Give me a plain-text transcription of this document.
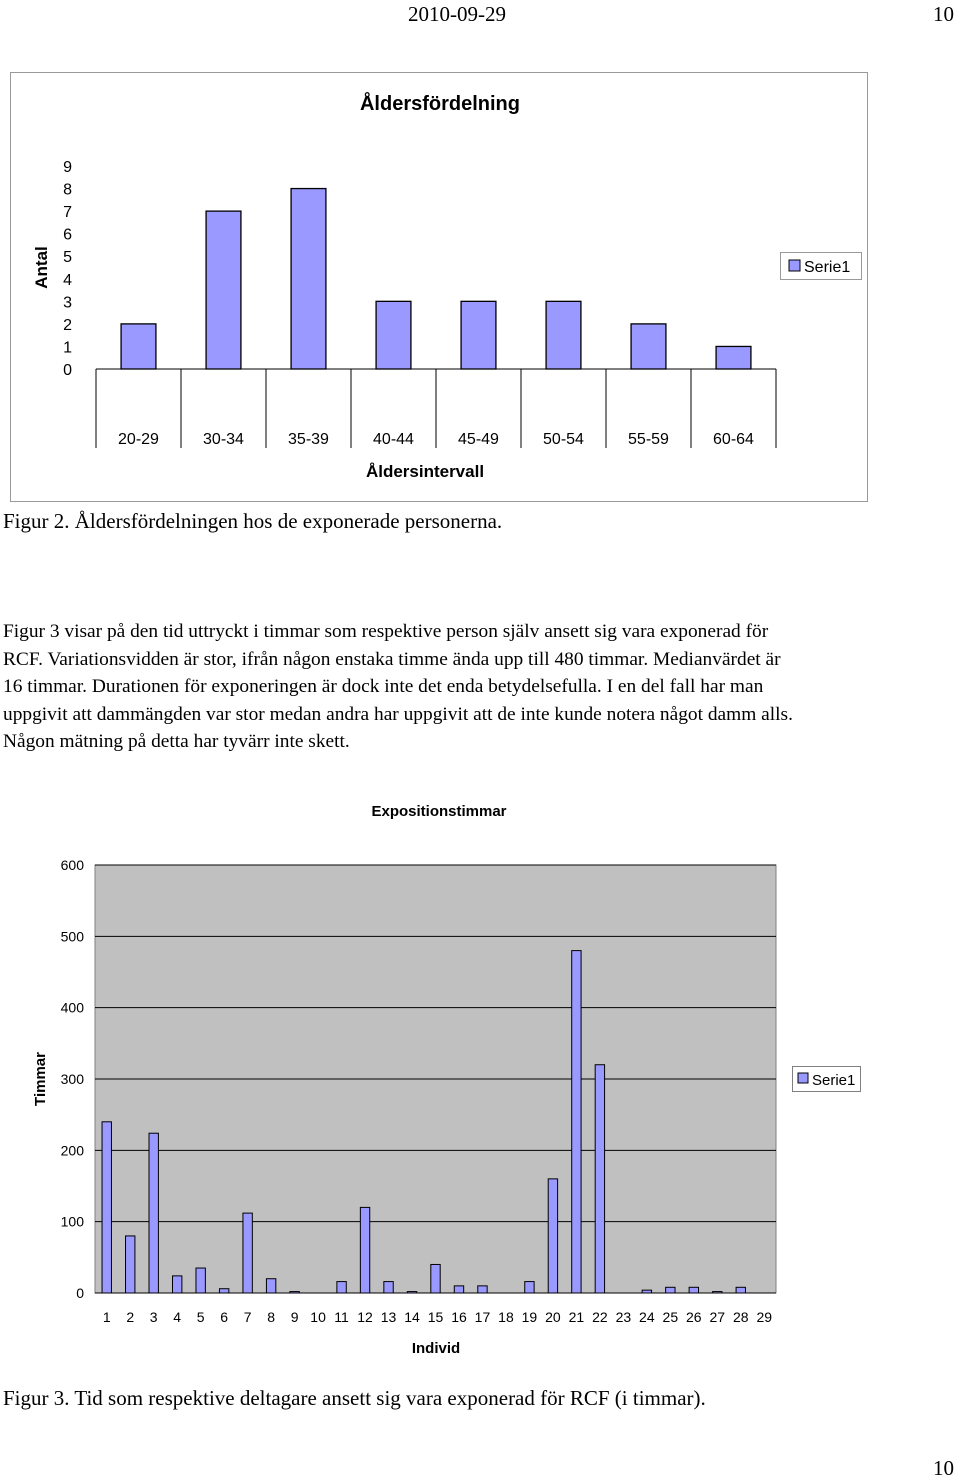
2010-09-29	10
Åldersfördelning
Antal
Åldersintervall
0
1
2
3
4
5
6
7
8
9
20-29	30-34	35-39	40-44	45-49	50-54	55-59	60-64
Serie1
Figur 2. Åldersfördelningen hos de exponerade personerna.
Figur 3 visar på den tid uttryckt i timmar som respektive person själv ansett sig vara exponerad för
RCF. Variationsvidden är stor, ifrån någon enstaka timme ända upp till 480 timmar. Medianvärdet är
16 timmar. Durationen för exponeringen är dock inte det enda betydelsefulla. I en del fall har man
uppgivit att dammängden var stor medan andra har uppgivit att de inte kunde notera något damm alls.
Någon mätning på detta har tyvärr inte skett.
Expositionstimmar
Timmar
Individ
0
100
200
300
400
500
600
1 2 3 4 5 6 7 8 9 10 11 12 13 14 15 16 17 18 19 20 21 22 23 24 25 26 27 28 29
Serie1
Figur 3. Tid som respektive deltagare ansett sig vara exponerad för RCF (i timmar).
10
